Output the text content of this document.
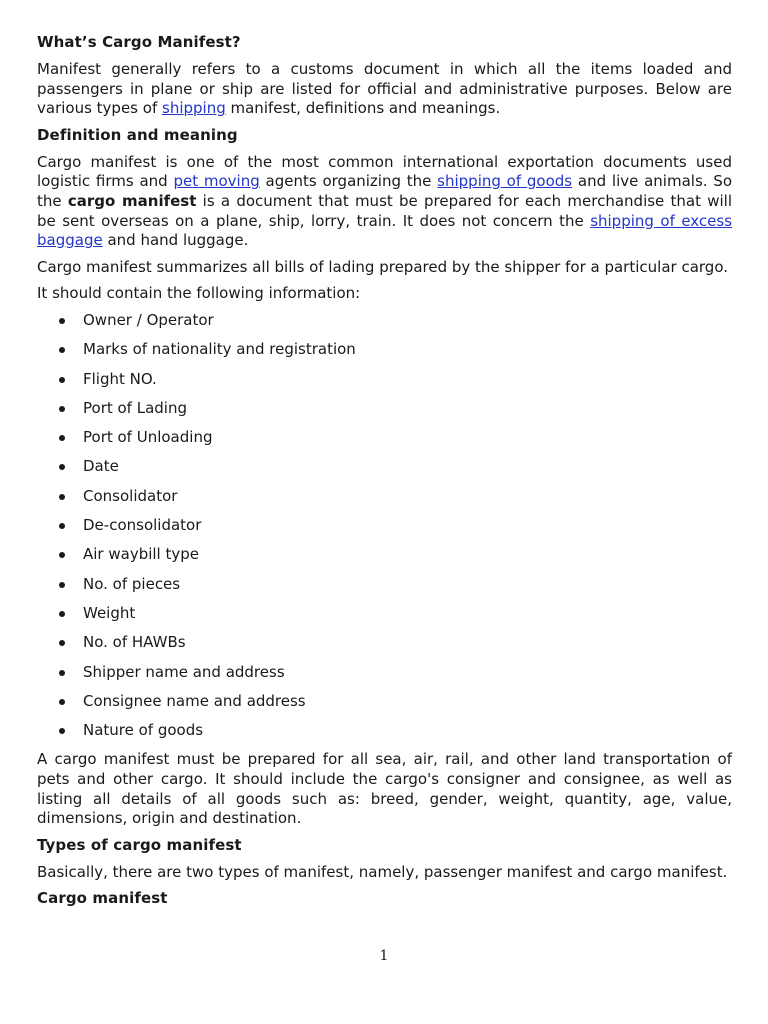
What’s Cargo Manifest?

Manifest generally refers to a customs document in which all the items loaded and passengers in plane or ship are listed for official and administrative purposes. Below are various types of shipping manifest, definitions and meanings.

Definition and meaning

Cargo manifest is one of the most common international exportation documents used logistic firms and pet moving agents organizing the shipping of goods and live animals. So the cargo manifest is a document that must be prepared for each merchandise that will be sent overseas on a plane, ship, lorry, train. It does not concern the shipping of excess baggage and hand luggage.

Cargo manifest summarizes all bills of lading prepared by the shipper for a particular cargo.

It should contain the following information:

Owner / Operator
Marks of nationality and registration
Flight NO.
Port of Lading
Port of Unloading
Date
Consolidator
De-consolidator
Air waybill type
No. of pieces
Weight
No. of HAWBs
Shipper name and address
Consignee name and address
Nature of goods

A cargo manifest must be prepared for all sea, air, rail, and other land transportation of pets and other cargo. It should include the cargo's consigner and consignee, as well as listing all details of all goods such as: breed, gender, weight, quantity, age, value, dimensions, origin and destination.

Types of cargo manifest

Basically, there are two types of manifest, namely, passenger manifest and cargo manifest.

Cargo manifest
1
